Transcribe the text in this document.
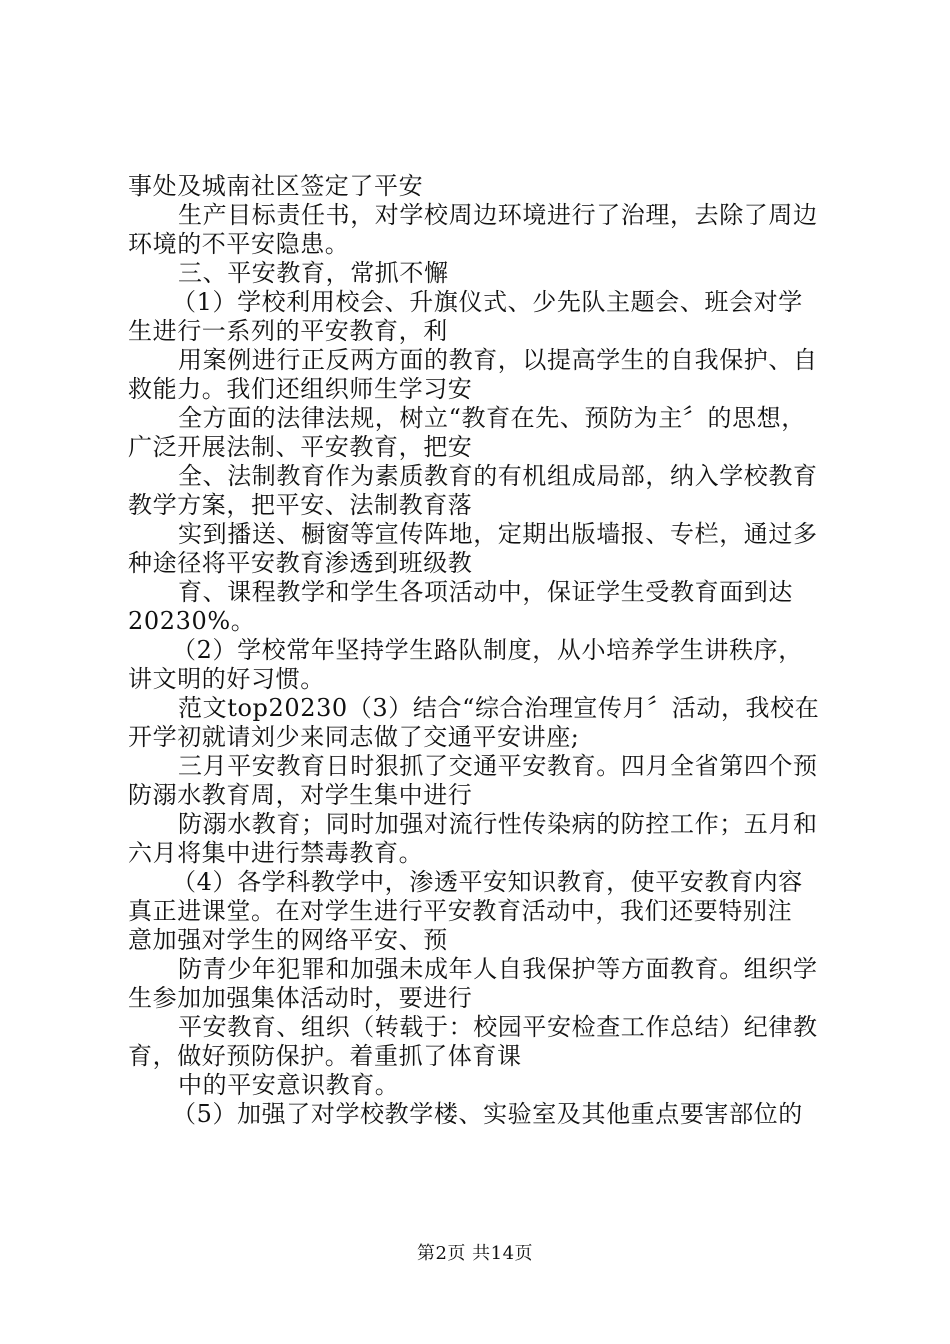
事处及城南社区签定了平安

生产目标责任书，对学校周边环境进行了治理，去除了周边

环境的不平安隐患。

三、平安教育，常抓不懈

（1）学校利用校会、升旗仪式、少先队主题会、班会对学

生进行一系列的平安教育，利

用案例进行正反两方面的教育，以提高学生的自我保护、自

救能力。我们还组织师生学习安

全方面的法律法规，树立“教育在先、预防为主〞的思想，

广泛开展法制、平安教育，把安

全、法制教育作为素质教育的有机组成局部，纳入学校教育

教学方案，把平安、法制教育落

实到播送、橱窗等宣传阵地，定期出版墙报、专栏，通过多

种途径将平安教育渗透到班级教

育、课程教学和学生各项活动中，保证学生受教育面到达

20230%。

（2）学校常年坚持学生路队制度，从小培养学生讲秩序，

讲文明的好习惯。

范文top20230（3）结合“综合治理宣传月〞活动，我校在

开学初就请刘少来同志做了交通平安讲座;

三月平安教育日时狠抓了交通平安教育。四月全省第四个预

防溺水教育周，对学生集中进行

防溺水教育；同时加强对流行性传染病的防控工作；五月和

六月将集中进行禁毒教育。

（4）各学科教学中，渗透平安知识教育，使平安教育内容

真正进课堂。在对学生进行平安教育活动中，我们还要特别注

意加强对学生的网络平安、预

防青少年犯罪和加强未成年人自我保护等方面教育。组织学

生参加加强集体活动时，要进行

平安教育、组织（转载于：校园平安检查工作总结）纪律教

育，做好预防保护。着重抓了体育课

中的平安意识教育。

（5）加强了对学校教学楼、实验室及其他重点要害部位的

第2页 共14页
